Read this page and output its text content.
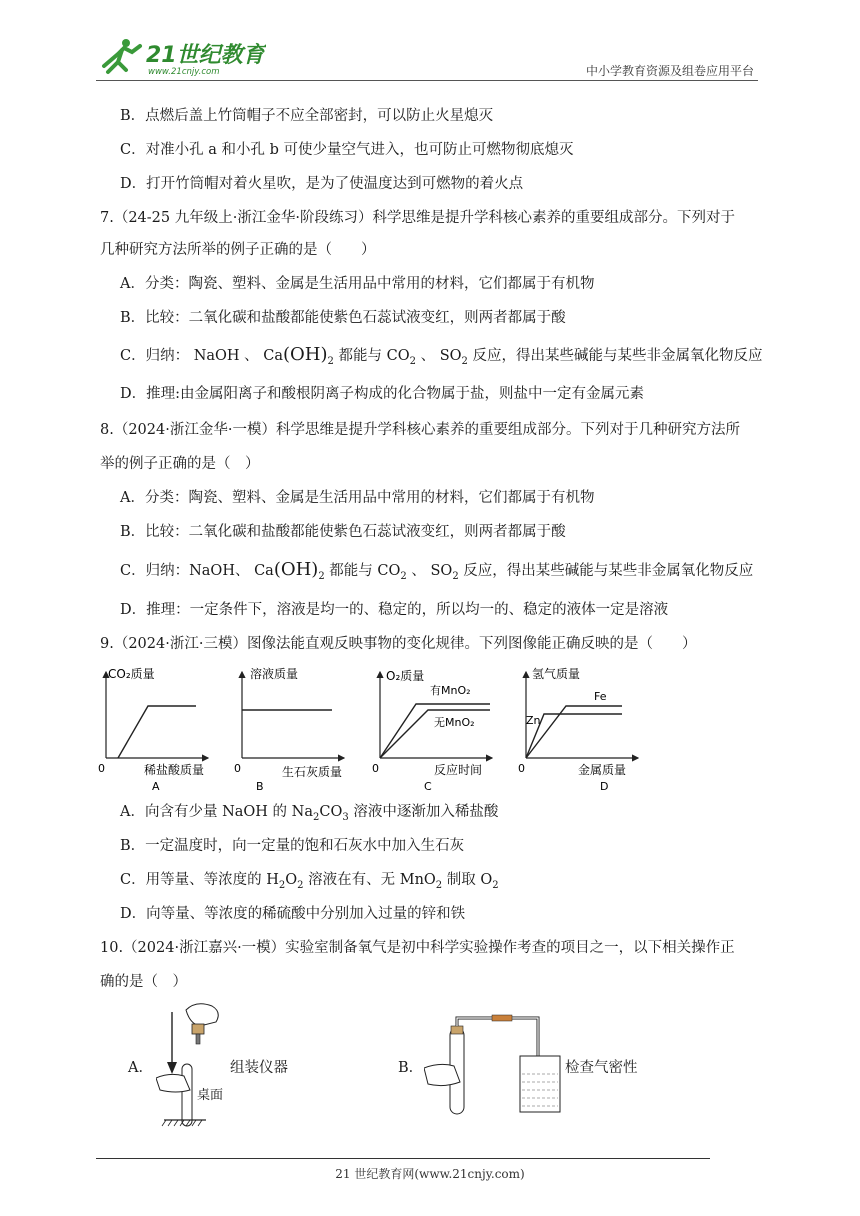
21世纪教育
www.21cnjy.com	中小学教育资源及组卷应用平台
B．点燃后盖上竹筒帽子不应全部密封，可以防止火星熄灭
C．对准小孔 a 和小孔 b 可使少量空气进入，也可防止可燃物彻底熄灭
D．打开竹筒帽对着火星吹，是为了使温度达到可燃物的着火点
7.（24-25 九年级上·浙江金华·阶段练习）科学思维是提升学科核心素养的重要组成部分。下列对于
几种研究方法所举的例子正确的是（　　）
A．分类：陶瓷、塑料、金属是生活用品中常用的材料，它们都属于有机物
B．比较：二氧化碳和盐酸都能使紫色石蕊试液变红，则两者都属于酸
C．归纳： NaOH 、 $Ca(OH)_2$ 都能与 $CO_2$ 、 $SO_2$ 反应，得出某些碱能与某些非金属氧化物反应
D．推理:由金属阳离子和酸根阴离子构成的化合物属于盐，则盐中一定有金属元素
8.（2024·浙江金华·一模）科学思维是提升学科核心素养的重要组成部分。下列对于几种研究方法所
举的例子正确的是（　）
A．分类：陶瓷、塑料、金属是生活用品中常用的材料，它们都属于有机物
B．比较：二氧化碳和盐酸都能使紫色石蕊试液变红，则两者都属于酸
C．归纳：NaOH、 $Ca(OH)_2$ 都能与 $CO_2$ 、 $SO_2$ 反应，得出某些碱能与某些非金属氧化物反应
D．推理：一定条件下，溶液是均一的、稳定的，所以均一的、稳定的液体一定是溶液
9.（2024·浙江·三模）图像法能直观反映事物的变化规律。下列图像能正确反映的是（　　）
CO₂质量
0	稀盐酸质量
A
溶液质量
0	生石灰质量
B
O₂质量
0	反应时间
C
有MnO₂
无MnO₂
氢气质量
0	金属质量
D
Fe
Zn
A．向含有少量 NaOH 的 $Na_2CO_3$ 溶液中逐渐加入稀盐酸
B．一定温度时，向一定量的饱和石灰水中加入生石灰
C．用等量、等浓度的 $H_2O_2$ 溶液在有、无 MnO$_2$ 制取 $O_2$
D．向等量、等浓度的稀硫酸中分别加入过量的锌和铁
10.（2024·浙江嘉兴·一模）实验室制备氧气是初中科学实验操作考查的项目之一，以下相关操作正
确的是（　）
A．	组装仪器
桌面
B．	检查气密性
21 世纪教育网(www.21cnjy.com)
